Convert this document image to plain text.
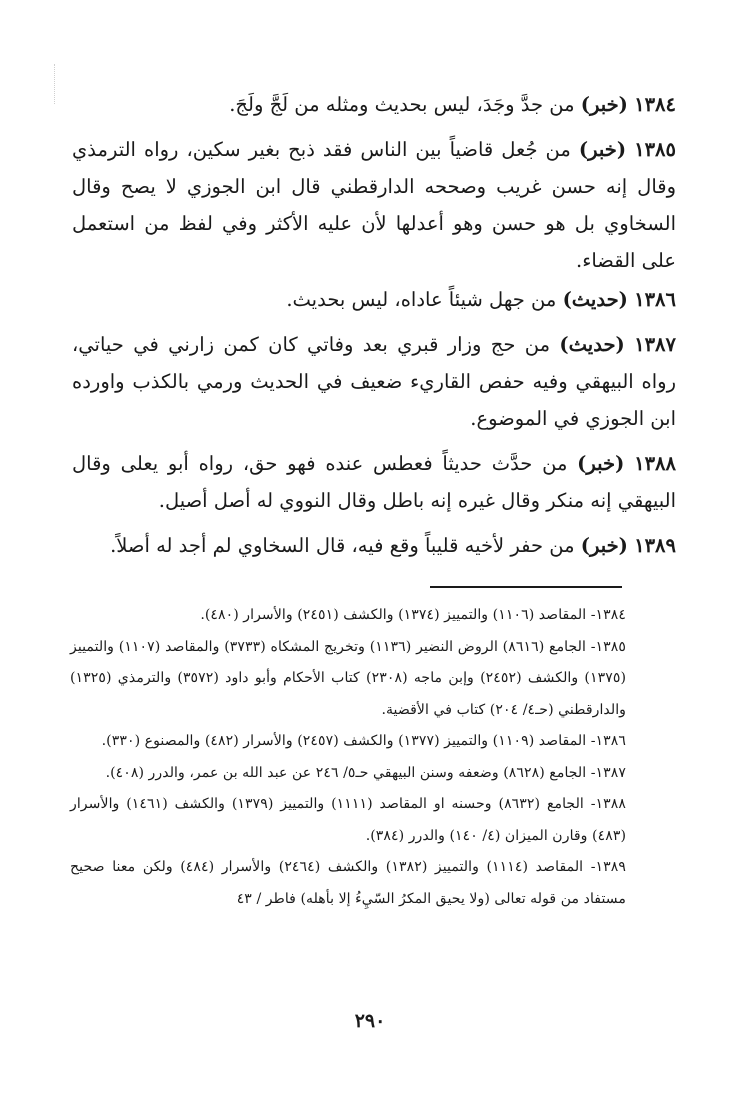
١٣٨٤ (خبر) من جدَّ وجَدَ، ليس بحديث ومثله من لَجَّ ولَجَ.

١٣٨٥ (خبر) من جُعل قاضياً بين الناس فقد ذبح بغير سكين، رواه الترمذي وقال إنه حسن غريب وصححه الدارقطني قال ابن الجوزي لا يصح وقال السخاوي بل هو حسن وهو أعدلها لأن عليه الأكثر وفي لفظ من استعمل على القضاء.

١٣٨٦ (حديث) من جهل شيئاً عاداه، ليس بحديث.

١٣٨٧ (حديث) من حج وزار قبري بعد وفاتي كان كمن زارني في حياتي، رواه البيهقي وفيه حفص القاريء ضعيف في الحديث ورمي بالكذب واورده ابن الجوزي في الموضوع.

١٣٨٨ (خبر) من حدَّث حديثاً فعطس عنده فهو حق، رواه أبو يعلى وقال البيهقي إنه منكر وقال غيره إنه باطل وقال النووي له أصل أصيل.

١٣٨٩ (خبر) من حفر لأخيه قليباً وقع فيه، قال السخاوي لم أجد له أصلاً.

١٣٨٤- المقاصد (١١٠٦) والتمييز (١٣٧٤) والكشف (٢٤٥١) والأسرار (٤٨٠).

١٣٨٥- الجامع (٨٦١٦) الروض النضير (١١٣٦) وتخريج المشكاه (٣٧٣٣) والمقاصد (١١٠٧) والتمييز (١٣٧٥) والكشف (٢٤٥٢) وإبن ماجه (٢٣٠٨) كتاب الأحكام وأبو داود (٣٥٧٢) والترمذي (١٣٢٥) والدارقطني (حـ٤/ ٢٠٤) كتاب في الأقضية.

١٣٨٦- المقاصد (١١٠٩) والتمييز (١٣٧٧) والكشف (٢٤٥٧) والأسرار (٤٨٢) والمصنوع (٣٣٠).

١٣٨٧- الجامع (٨٦٢٨) وضعفه وسنن البيهقي حـ٥/ ٢٤٦ عن عبد الله بن عمر، والدرر (٤٠٨).

١٣٨٨- الجامع (٨٦٣٢) وحسنه او المقاصد (١١١١) والتمييز (١٣٧٩) والكشف (١٤٦١) والأسرار (٤٨٣) وقارن الميزان (٤/ ١٤٠) والدرر (٣٨٤).

١٣٨٩- المقاصد (١١١٤) والتمييز (١٣٨٢) والكشف (٢٤٦٤) والأسرار (٤٨٤) ولكن معنا صحيح مستفاد من قوله تعالى (ولا يحيق المكرُ السّيِءُ إلا بأهله) فاطر / ٤٣

٢٩٠
